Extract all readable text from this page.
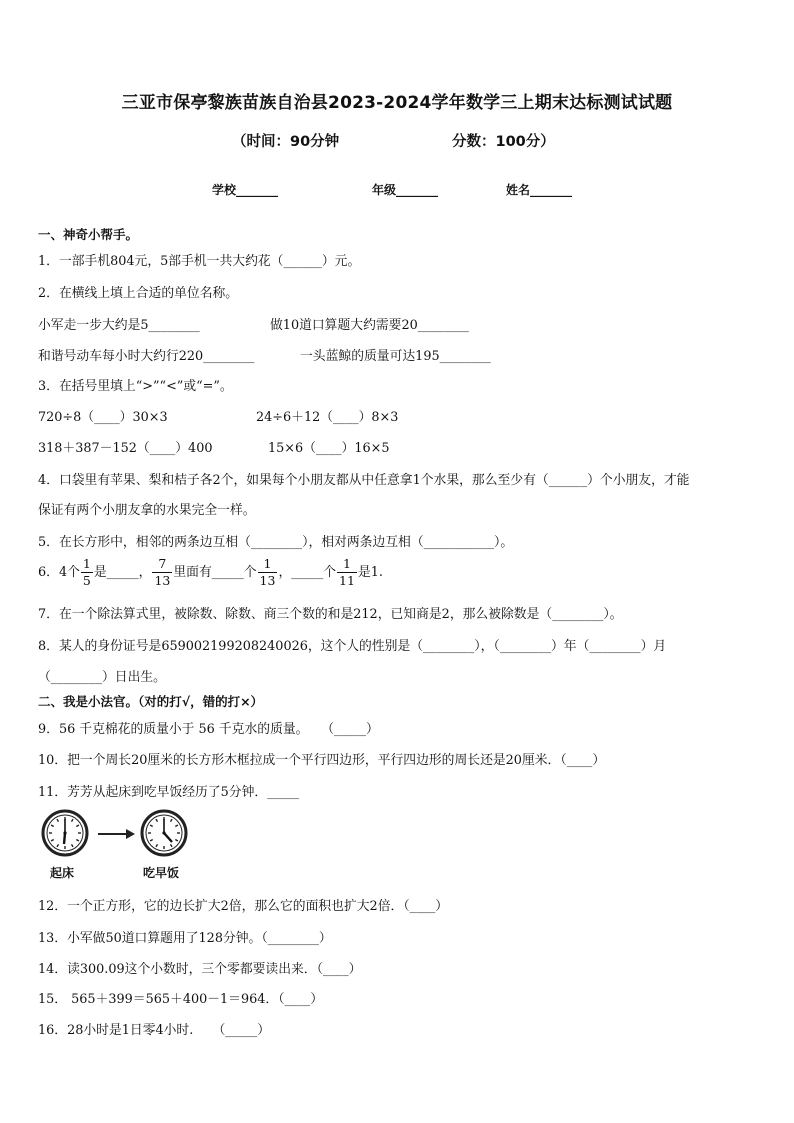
三亚市保亭黎族苗族自治县2023-2024学年数学三上期末达标测试试题
（时间：90分钟	分数：100分）
学校_______	年级_______	姓名_______
一、神奇小帮手。
1．一部手机804元，5部手机一共大约花（______）元。
2．在横线上填上合适的单位名称。
小军走一步大约是5________	做10道口算题大约需要20________
和谐号动车每小时大约行220________	一头蓝鲸的质量可达195________
3．在括号里填上“>”“<”或“=”。
720÷8（____）30×3	24÷6＋12（____）8×3
318＋387－152（____）400	15×6（____）16×5
4．口袋里有苹果、梨和桔子各2个，如果每个小朋友都从中任意拿1个水果，那么至少有（______）个小朋友，才能
保证有两个小朋友拿的水果完全一样。
5．在长方形中，相邻的两条边互相（________），相对两条边互相（___________）。
6．4个 $\frac{1}{5}$ 是_____， $\frac{7}{13}$ 里面有_____个 $\frac{1}{13}$ ，_____个 $\frac{1}{11}$ 是1.
7．在一个除法算式里，被除数、除数、商三个数的和是212，已知商是2，那么被除数是（________）。
8．某人的身份证号是659002199208240026，这个人的性别是（________），（________）年（________）月
（________）日出生。
二、我是小法官。（对的打√，错的打×）
9．56 千克棉花的质量小于 56 千克水的质量。　　（_____）
10．把一个周长20厘米的长方形木框拉成一个平行四边形，平行四边形的周长还是20厘米．（____）
11．芳芳从起床到吃早饭经历了5分钟．_____
起床	吃早饭
12．一个正方形，它的边长扩大2倍，那么它的面积也扩大2倍．（____）
13．小军做50道口算题用了128分钟。（________）
14．读300.09这个小数时，三个零都要读出来．（____）
15． 565＋399＝565＋400－1＝964．（____）
16．28小时是1日零4小时.　　（_____）
